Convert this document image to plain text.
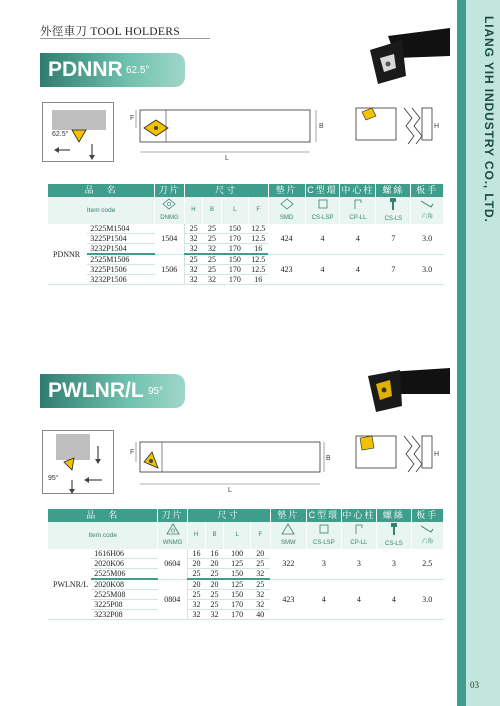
LIANG YIH INDUSTRY CO., LTD.
03
外徑車刀 TOOL HOLDERS
PDNNR 62.5°
62.5°
L
F
B	H
品　名		刀片	尺寸				墊片	C型環	中心柱	螺絲	板手
Item code		DNMG	H	B	L	F	SMD	CS-LSP	CP-LL	CS-LS	六角
PDNNR	2525M1504	1504	25	25	150	12.5	424	4	4	7	3.0
	3225P1504		32	25	170	12.5					
	3232P1504		32	32	170	16					
	2525M1506	1506	25	25	150	12.5	423	4	4	7	3.0
	3225P1506		32	25	170	12.5					
	3232P1506		32	32	170	16					
PWLNR/L 95°
95°
L
F
B
H
品　名		刀片	尺寸				墊片	C型環	中心柱	螺絲	板手
Item code		WNMG	H	B	L	F	SMW	CS-LSP	CP-LL	CS-LS	六角
PWLNR/L	1616H06	0604	16	16	100	20	322	3	3	3	2.5
	2020K06		20	20	125	25					
	2525M06		25	25	150	32					
	2020K08	0804	20	20	125	25	423	4	4	4	3.0
	2525M08		25	25	150	32					
	3225P08		32	25	170	32					
	3232P08		32	32	170	40					
